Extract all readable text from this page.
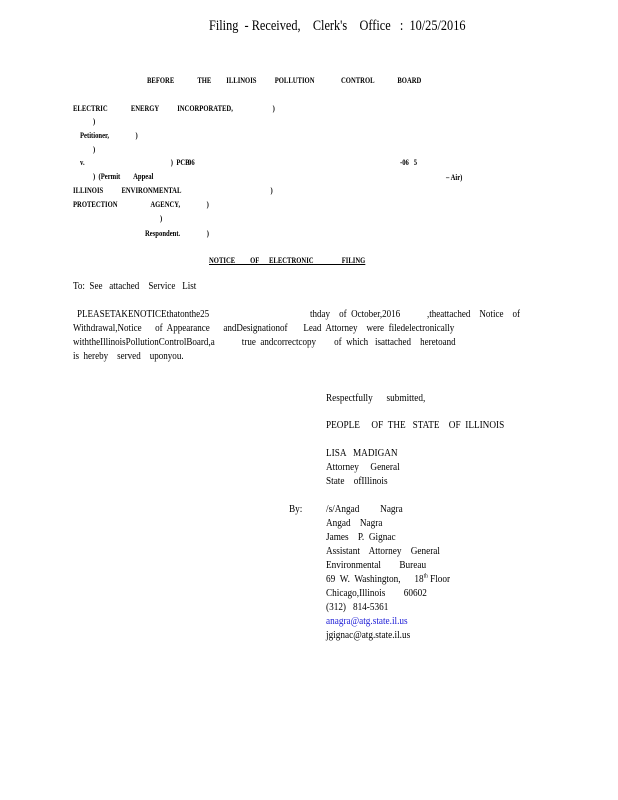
Filing  - Received,    Clerk's    Office   :  10/25/2016
BEFORE              THE         ILLINOIS           POLLUTION                CONTROL              BOARD
ELECTRIC              ENERGY           INCORPORATED,                        )
)
Petitioner,                )
)
v.                                                    )  PCB
06	-06   5
)  (Permit        Appeal	– Air)
ILLINOIS           ENVIRONMENTAL                                                      )
PROTECTION                    AGENCY,                )
)
Respondent.                )
NOTICE         OF      ELECTRONIC                 FILING
To:  See   attached    Service   List
PLEASETAKENOTICEthatonthe25	thday    of  October,2016	,theattached    Notice    of
Withdrawal,Notice      of  Appearance      andDesignationof       Lead  Attorney    were  filedelectronically
withtheIllinoisPollutionControlBoard,a            true  andcorrectcopy        of  which   isattached    heretoand
is  hereby    served    uponyou.
Respectfully      submitted,
PEOPLE     OF  THE   STATE    OF  ILLINOIS
LISA   MADIGAN
Attorney     General
State    ofIllinois
By: /s/Angad         Nagra
Angad    Nagra
James    P.  Gignac
Assistant    Attorney    General
Environmental        Bureau
69  W.  Washington,      18th Floor
Chicago,Illinois        60602
(312)   814-5361
anagra@atg.state.il.us
jgignac@atg.state.il.us
